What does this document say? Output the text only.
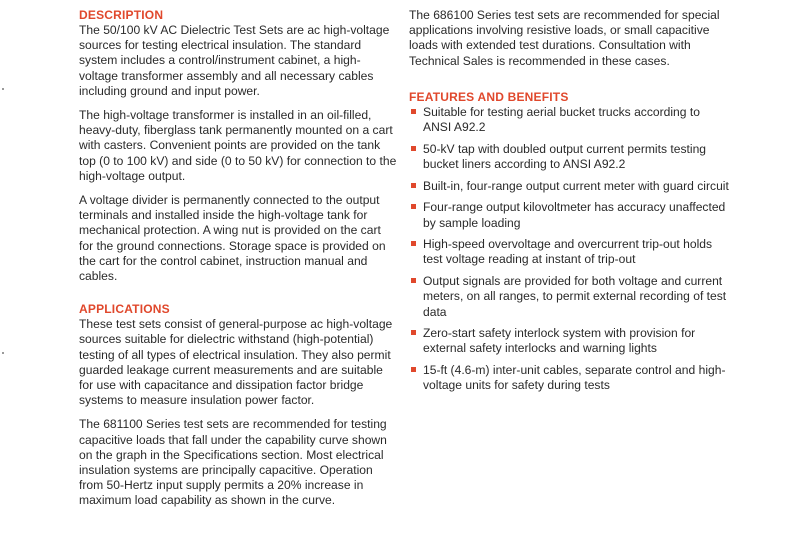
DESCRIPTION

The 50/100 kV AC Dielectric Test Sets are ac high-voltage sources for testing electrical insulation. The standard system includes a control/instrument cabinet, a high-voltage transformer assembly and all necessary cables including ground and input power.

The high-voltage transformer is installed in an oil-filled, heavy-duty, fiberglass tank permanently mounted on a cart with casters. Convenient points are provided on the tank top (0 to 100 kV) and side (0 to 50 kV) for connection to the high-voltage output.

A voltage divider is permanently connected to the output terminals and installed inside the high-voltage tank for mechanical protection. A wing nut is provided on the cart for the ground connections. Storage space is provided on the cart for the control cabinet, instruction manual and cables.

APPLICATIONS

These test sets consist of general-purpose ac high-voltage sources suitable for dielectric withstand (high-potential) testing of all types of electrical insulation. They also permit guarded leakage current measurements and are suitable for use with capacitance and dissipation factor bridge systems to measure insulation power factor.

The 681100 Series test sets are recommended for testing capacitive loads that fall under the capability curve shown on the graph in the Specifications section. Most electrical insulation systems are principally capacitive. Operation from 50-Hertz input supply permits a 20% increase in maximum load capability as shown in the curve.

The 686100 Series test sets are recommended for special applications involving resistive loads, or small capacitive loads with extended test durations. Consultation with Technical Sales is recommended in these cases.

FEATURES AND BENEFITS
Suitable for testing aerial bucket trucks according to ANSI A92.2
50-kV tap with doubled output current permits testing bucket liners according to ANSI A92.2
Built-in, four-range output current meter with guard circuit
Four-range output kilovoltmeter has accuracy unaffected by sample loading
High-speed overvoltage and overcurrent trip-out holds test voltage reading at instant of trip-out
Output signals are provided for both voltage and current meters, on all ranges, to permit external recording of test data
Zero-start safety interlock system with provision for external safety interlocks and warning lights
15-ft (4.6-m) inter-unit cables, separate control and high-voltage units for safety during tests
